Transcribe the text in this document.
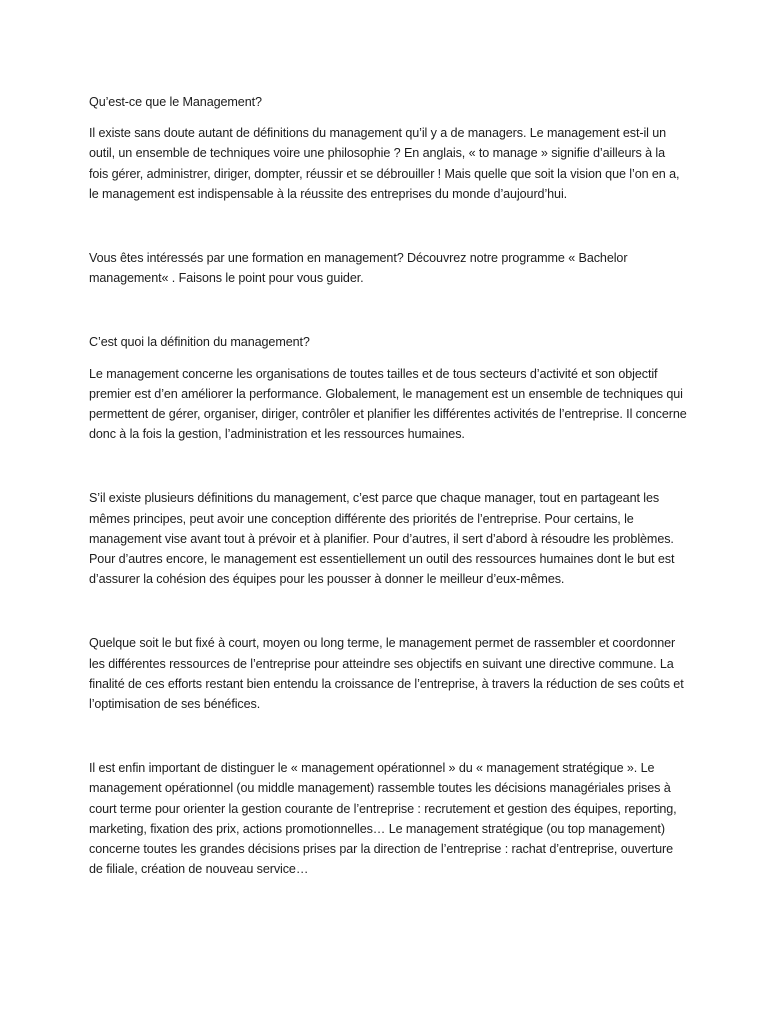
Qu’est-ce que le Management?

Il existe sans doute autant de définitions du management qu’il y a de managers. Le management est-il un outil, un ensemble de techniques voire une philosophie ? En anglais, « to manage » signifie d’ailleurs à la fois gérer, administrer, diriger, dompter, réussir et se débrouiller ! Mais quelle que soit la vision que l’on en a, le management est indispensable à la réussite des entreprises du monde d’aujourd’hui.

Vous êtes intéressés par une formation en management? Découvrez notre programme « Bachelor management« . Faisons le point pour vous guider.

C’est quoi la définition du management?

Le management concerne les organisations de toutes tailles et de tous secteurs d’activité et son objectif premier est d’en améliorer la performance. Globalement, le management est un ensemble de techniques qui permettent de gérer, organiser, diriger, contrôler et planifier les différentes activités de l’entreprise. Il concerne donc à la fois la gestion, l’administration et les ressources humaines.

S’il existe plusieurs définitions du management, c’est parce que chaque manager, tout en partageant les mêmes principes, peut avoir une conception différente des priorités de l’entreprise. Pour certains, le management vise avant tout à prévoir et à planifier. Pour d’autres, il sert d’abord à résoudre les problèmes. Pour d’autres encore, le management est essentiellement un outil des ressources humaines dont le but est d’assurer la cohésion des équipes pour les pousser à donner le meilleur d’eux-mêmes.

Quelque soit le but fixé à court, moyen ou long terme, le management permet de rassembler et coordonner les différentes ressources de l’entreprise pour atteindre ses objectifs en suivant une directive commune. La finalité de ces efforts restant bien entendu la croissance de l’entreprise, à travers la réduction de ses coûts et l’optimisation de ses bénéfices.

Il est enfin important de distinguer le « management opérationnel » du « management stratégique ». Le management opérationnel (ou middle management) rassemble toutes les décisions managériales prises à court terme pour orienter la gestion courante de l’entreprise : recrutement et gestion des équipes, reporting, marketing, fixation des prix, actions promotionnelles… Le management stratégique (ou top management) concerne toutes les grandes décisions prises par la direction de l’entreprise : rachat d’entreprise, ouverture de filiale, création de nouveau service…
